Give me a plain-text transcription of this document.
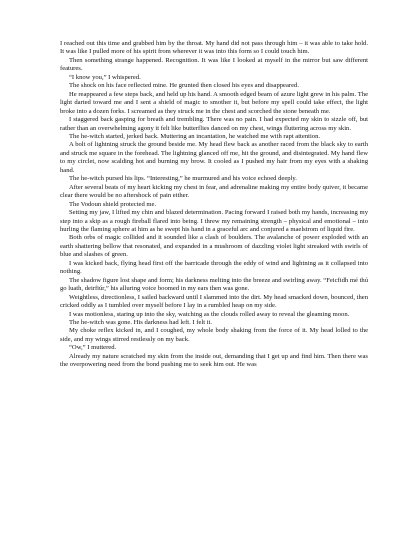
I reached out this time and grabbed him by the throat. My hand did not pass through him – it was able to take hold. It was like I pulled more of his spirit from wherever it was into this form so I could touch him.

Then something strange happened. Recognition. It was like I looked at myself in the mirror but saw different features.

“I know you,” I whispered.

The shock on his face reflected mine. He grunted then closed his eyes and disappeared.

He reappeared a few steps back, and held up his hand. A smooth edged beam of azure light grew in his palm. The light darted toward me and I sent a shield of magic to smother it, but before my spell could take effect, the light broke into a dozen forks. I screamed as they struck me in the chest and scorched the stone beneath me.

I staggered back gasping for breath and trembling. There was no pain. I had expected my skin to sizzle off, but rather than an overwhelming agony it felt like butterflies danced on my chest, wings fluttering across my skin.

The he-witch started, jerked back. Muttering an incantation, he watched me with rapt attention.

A bolt of lightning struck the ground beside me. My head flew back as another raced from the black sky to earth and struck me square in the forehead. The lightning glanced off me, hit the ground, and disintegrated. My hand flew to my circlet, now scalding hot and burning my brow. It cooled as I pushed my hair from my eyes with a shaking hand.

The he-witch pursed his lips. “Interesting,” he murmured and his voice echoed deeply.

After several beats of my heart kicking my chest in fear, and adrenaline making my entire body quiver, it became clear there would be no aftershock of pain either.

The Vodoun shield protected me.

Setting my jaw, I lifted my chin and blazed determination. Pacing forward I raised both my hands, increasing my step into a skip as a rough fireball flared into being. I threw my remaining strength – physical and emotional – into hurling the flaming sphere at him as he swept his hand in a graceful arc and conjured a maelstrom of liquid fire.

Both orbs of magic collided and it sounded like a clash of boulders. The avalanche of power exploded with an earth shattering bellow that resonated, and expanded in a mushroom of dazzling violet light streaked with swirls of blue and slashes of green.

I was kicked back, flying head first off the barricade through the eddy of wind and lightning as it collapsed into nothing.

The shadow figure lost shape and form; his darkness melting into the breeze and swirling away. “Feicfidh mé thú go luath, deirfiúr,” his alluring voice boomed in my ears then was gone.

Weightless, directionless, I sailed backward until I slammed into the dirt. My head smacked down, bounced, then cricked oddly as I tumbled over myself before I lay in a rumbled heap on my side.

I was motionless, staring up into the sky, watching as the clouds rolled away to reveal the gleaming moon.

The he-witch was gone. His darkness had left. I felt it.

My choke reflex kicked in, and I coughed, my whole body shaking from the force of it. My head lolled to the side, and my wings stirred restlessly on my back.

“Ow,” I muttered.

Already my nature scratched my skin from the inside out, demanding that I get up and find him. Then there was the overpowering need from the bond pushing me to seek him out. He was
